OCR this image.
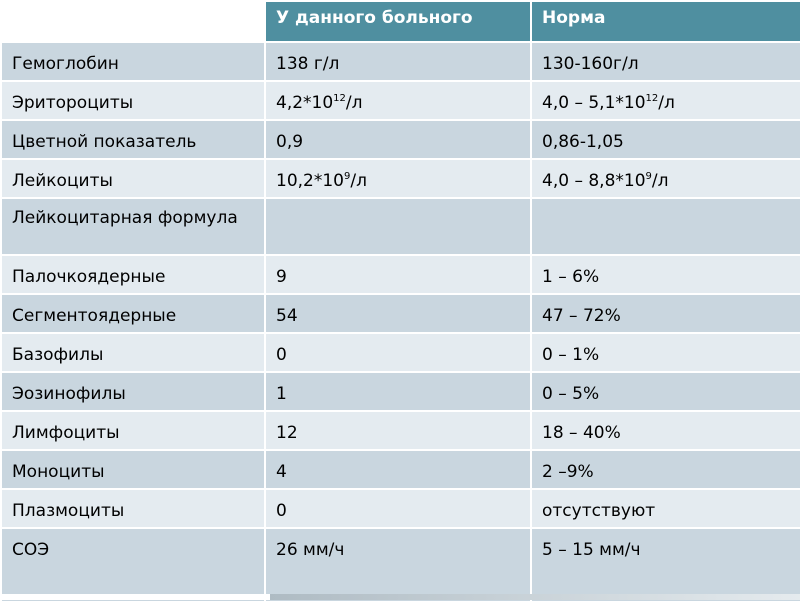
	У данного больного	Норма
Гемоглобин	138 г/л	130-160г/л
Эритороциты	$4,2*10^{12}/л$	$4,0 - 5,1*10^{12}/л$
Цветной показатель	0,9	0,86-1,05
Лейкоциты	$10,2*10^9/л$	$4,0 - 8,8*10^9/л$
Лейкоцитарная формула		
Палочкоядерные	9	1 – 6%
Сегментоядерные	54	47 – 72%
Базофилы	0	0 – 1%
Эозинофилы	1	0 – 5%
Лимфоциты	12	18 – 40%
Моноциты	4	2 –9%
Плазмоциты	0	отсутствуют
СОЭ	26 мм/ч	5 – 15 мм/ч
